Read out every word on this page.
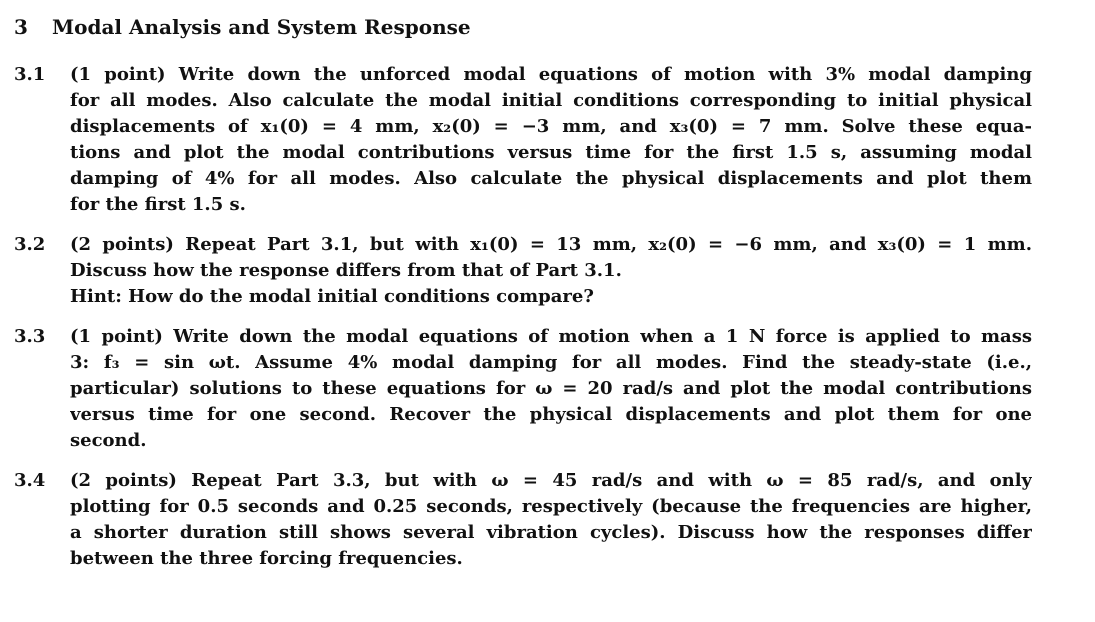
3 Modal Analysis and System Response
3.1 (1 point) Write down the unforced modal equations of motion with 3% modal damping
for all modes. Also calculate the modal initial conditions corresponding to initial physical
displacements of x₁(0) = 4 mm, x₂(0) = −3 mm, and x₃(0) = 7 mm. Solve these equa-
tions and plot the modal contributions versus time for the first 1.5 s, assuming modal
damping of 4% for all modes. Also calculate the physical displacements and plot them
for the first 1.5 s.
3.2 (2 points) Repeat Part 3.1, but with x₁(0) = 13 mm, x₂(0) = −6 mm, and x₃(0) = 1 mm.
Discuss how the response differs from that of Part 3.1.
Hint: How do the modal initial conditions compare?
3.3 (1 point) Write down the modal equations of motion when a 1 N force is applied to mass
3: f₃ = sin ωt. Assume 4% modal damping for all modes. Find the steady-state (i.e.,
particular) solutions to these equations for ω = 20 rad/s and plot the modal contributions
versus time for one second. Recover the physical displacements and plot them for one
second.
3.4 (2 points) Repeat Part 3.3, but with ω = 45 rad/s and with ω = 85 rad/s, and only
plotting for 0.5 seconds and 0.25 seconds, respectively (because the frequencies are higher,
a shorter duration still shows several vibration cycles). Discuss how the responses differ
between the three forcing frequencies.
